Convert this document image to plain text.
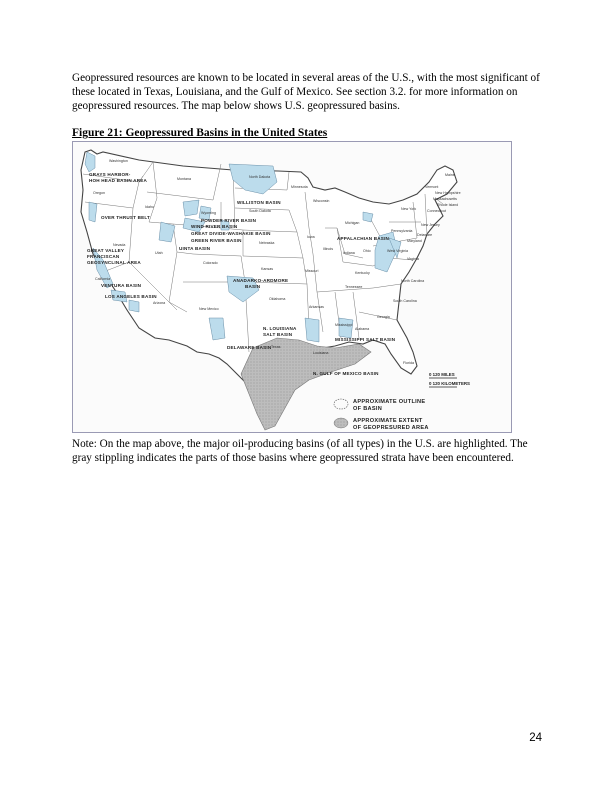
Geopressured resources are known to be located in several areas of the U.S., with the most significant of these located in Texas, Louisiana, and the Gulf of Mexico. See section 3.2. for more information on geopressured resources. The map below shows U.S. geopressured basins.

Figure 21: Geopressured Basins in the United States

GRAYS HARBOR-
HOH HEAD BASIN AREA
WILLISTON BASIN
OVER THRUST BELT
POWDER RIVER BASIN
WIND RIVER BASIN
GREAT DIVIDE-WASHAKIE BASIN
GREEN RIVER BASIN
UINTA BASIN
APPALACHIAN BASIN
GREAT VALLEY
FRANCISCAN
GEOSYNCLINAL AREA
VENTURA BASIN
LOS ANGELES BASIN
ANADARKO-ARDMORE
BASIN
N. LOUISIANA
SALT BASIN
MISSISSIPPI SALT BASIN
DELAWARE BASIN
N. GULF OF MEXICO BASIN
Washington
Oregon
Idaho
Montana	North Dakota
South Dakota
Minnesota
Wisconsin
Michigan
Wyoming
Nebraska
Iowa
Illinois
Indiana Ohio
Pennsylvania
New York
Nevada
Utah
Colorado
Kansas	Missouri	Kentucky
Virginia
West Virginia
California
Arizona
New Mexico
Oklahoma
Arkansas
Tennessee
North Carolina
South Carolina
Georgia
Alabama
Mississippi
Louisiana
Texas
Florida
Maine
Vermont
New Hampshire
Massachusetts
Rhode Island
Connecticut
New Jersey
Maryland
Delaware
0 120 MILES
0 120 KILOMETERS
APPROXIMATE OUTLINE
OF BASIN
APPROXIMATE EXTENT
OF GEOPRESURED AREA

Note: On the map above, the major oil-producing basins (of all types) in the U.S. are highlighted. The gray stippling indicates the parts of those basins where geopressured strata have been encountered.

24
